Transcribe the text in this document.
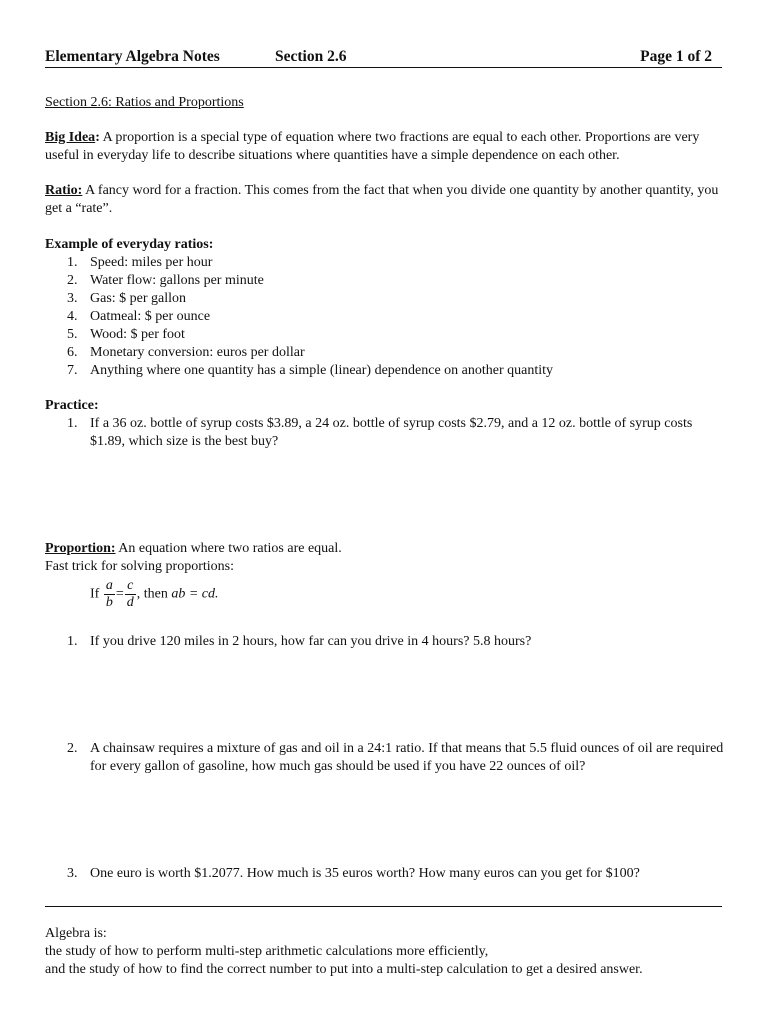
Elementary Algebra Notes	Section 2.6	Page 1 of 2
Section 2.6: Ratios and Proportions
Big Idea: A proportion is a special type of equation where two fractions are equal to each other. Proportions are very useful in everyday life to describe situations where quantities have a simple dependence on each other.
Ratio: A fancy word for a fraction. This comes from the fact that when you divide one quantity by another quantity, you get a “rate”.
Example of everyday ratios:
1. Speed: miles per hour
2. Water flow: gallons per minute
3. Gas: $ per gallon
4. Oatmeal: $ per ounce
5. Wood: $ per foot
6. Monetary conversion: euros per dollar
7. Anything where one quantity has a simple (linear) dependence on another quantity
Practice:
1. If a 36 oz. bottle of syrup costs $3.89, a 24 oz. bottle of syrup costs $2.79, and a 12 oz. bottle of syrup costs $1.89, which size is the best buy?
Proportion: An equation where two ratios are equal.
Fast trick for solving proportions:
If $\frac{a}{b} = \frac{c}{d}$ , then ab = cd.
1. If you drive 120 miles in 2 hours, how far can you drive in 4 hours? 5.8 hours?
2. A chainsaw requires a mixture of gas and oil in a 24:1 ratio. If that means that 5.5 fluid ounces of oil are required for every gallon of gasoline, how much gas should be used if you have 22 ounces of oil?
3. One euro is worth $1.2077. How much is 35 euros worth? How many euros can you get for $100?
Algebra is:
the study of how to perform multi-step arithmetic calculations more efficiently,
and the study of how to find the correct number to put into a multi-step calculation to get a desired answer.
